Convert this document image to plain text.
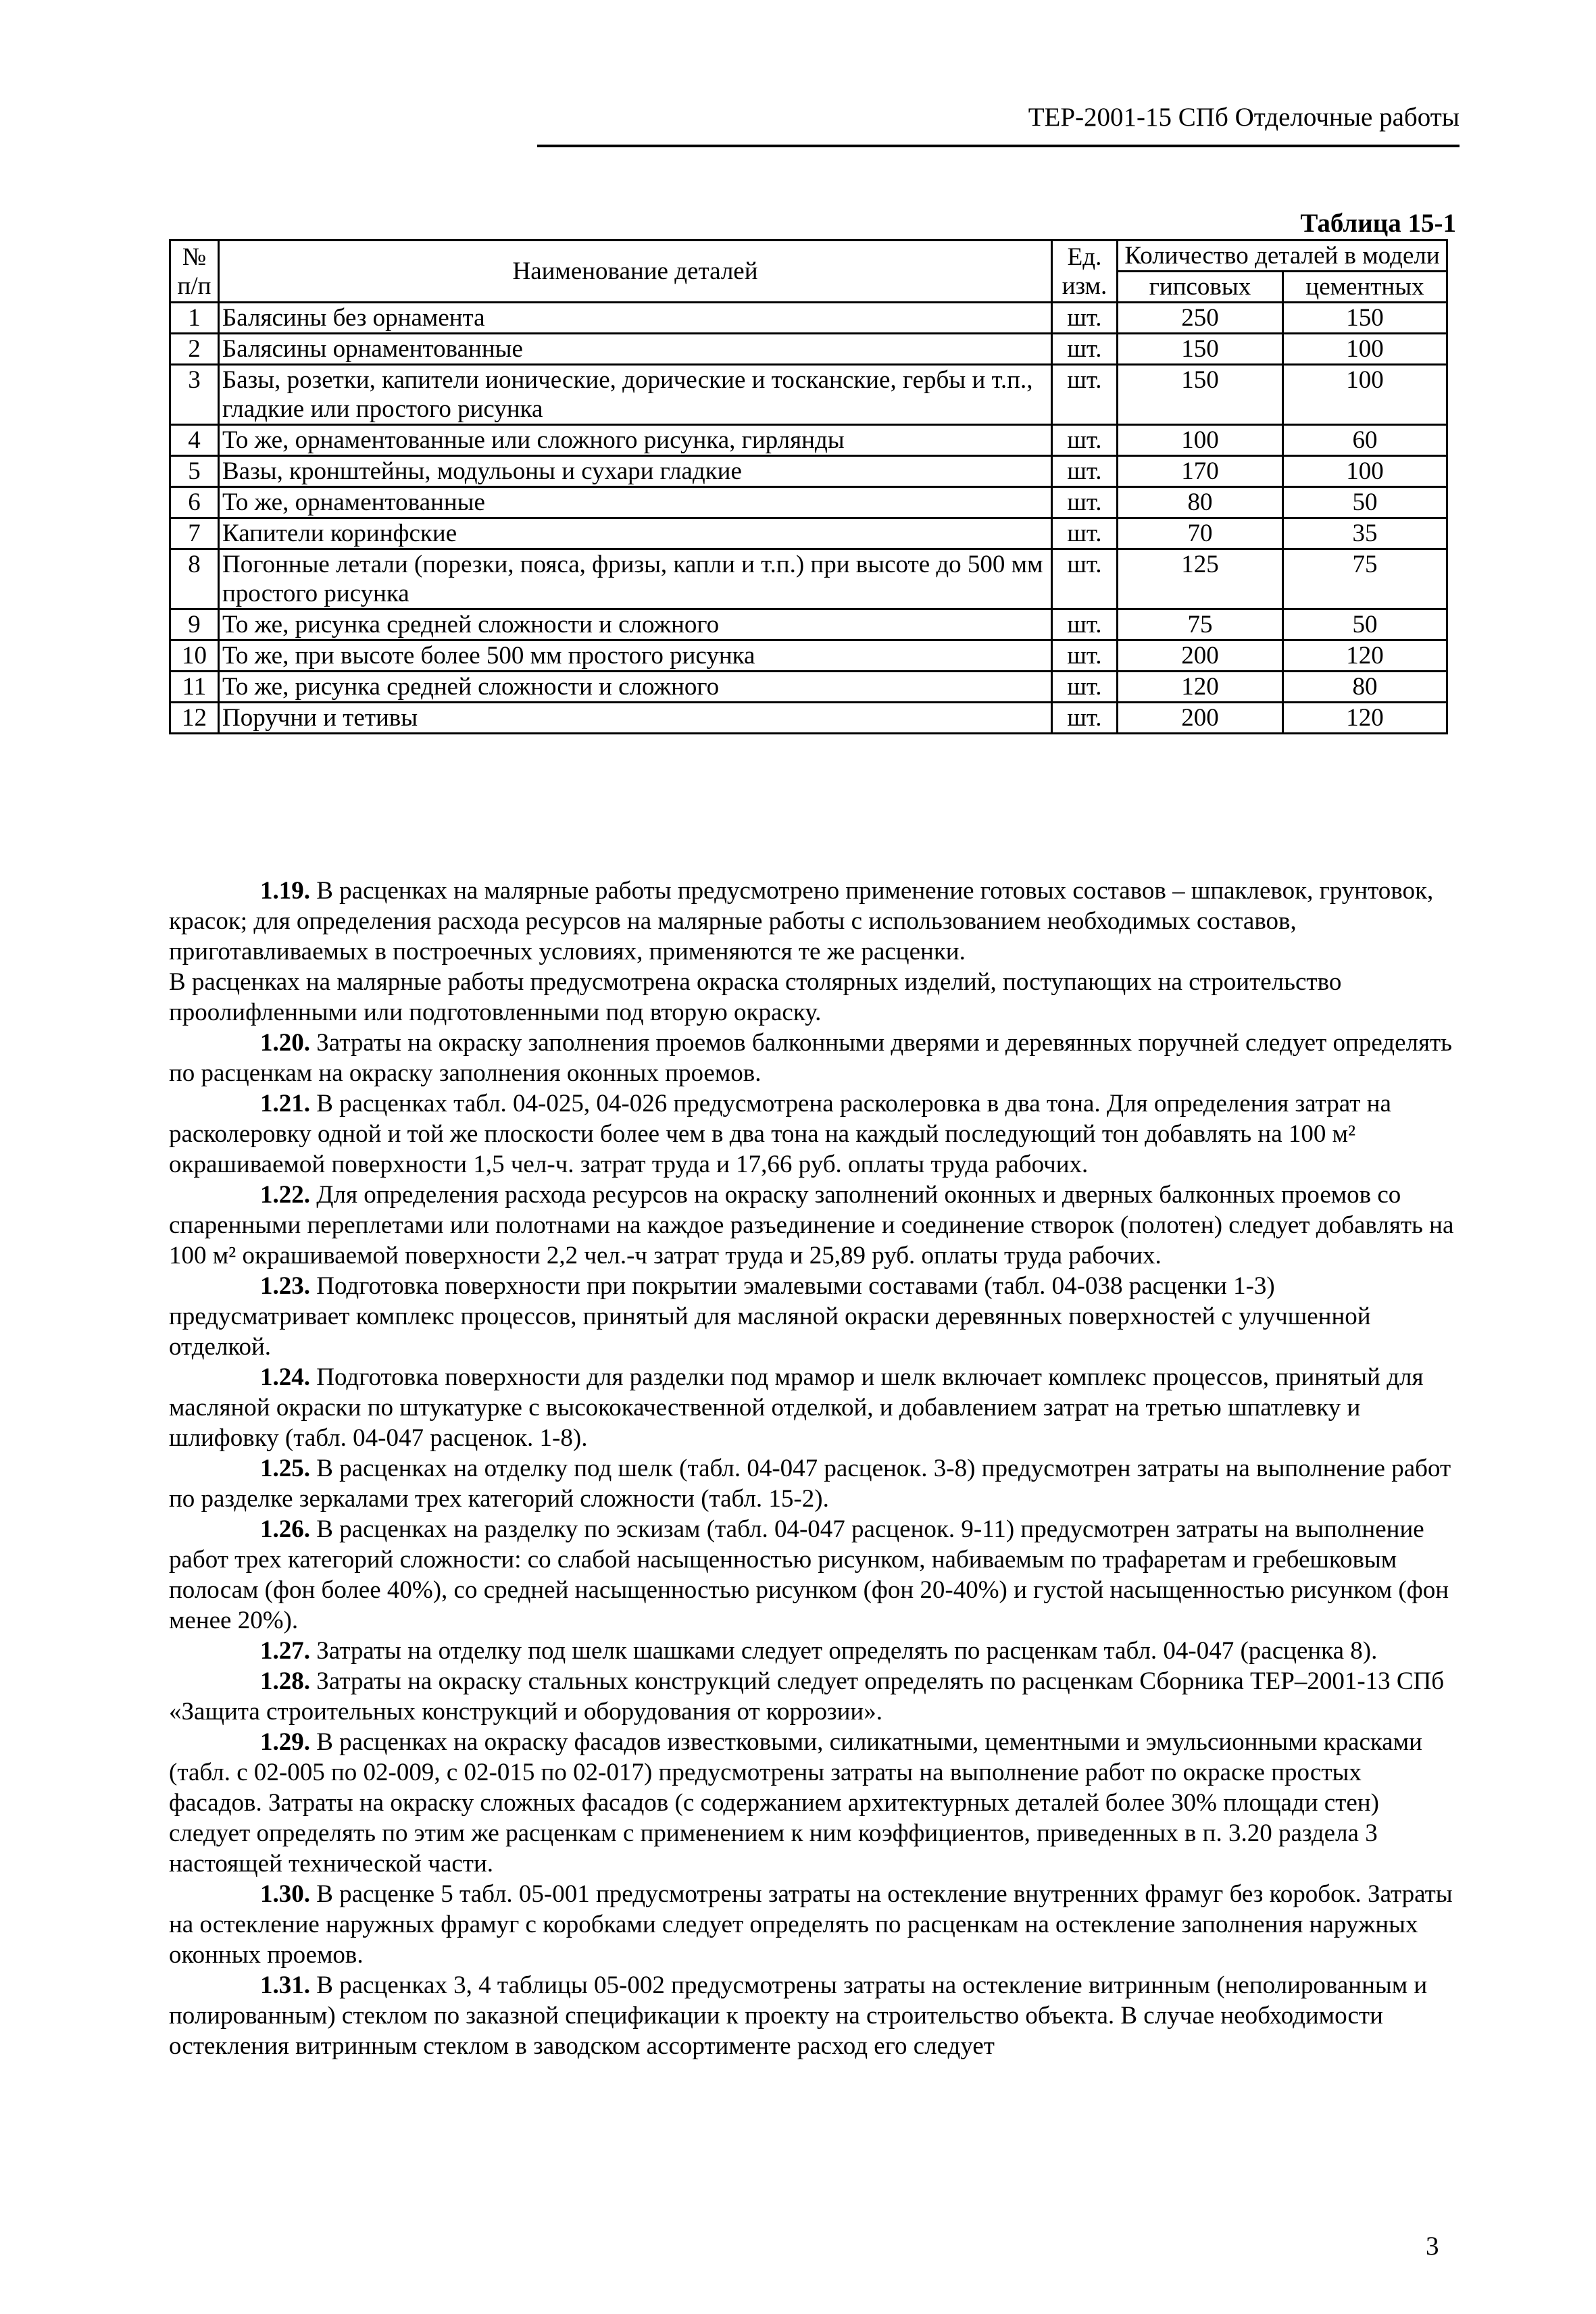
ТЕР-2001-15 СПб Отделочные работы
Таблица 15-1
№ п/п	Наименование деталей	Ед. изм.	Количество деталей в модели	
			гипсовых	цементных
1	Балясины без орнамента	шт.	250	150
2	Балясины орнаментованные	шт.	150	100
3	Базы, розетки, капители ионические, дорические и тосканские, гербы и т.п., гладкие или простого рисунка	шт.	150	100
4	То же, орнаментованные или сложного рисунка, гирлянды	шт.	100	60
5	Вазы, кронштейны, модульоны и сухари гладкие	шт.	170	100
6	То же, орнаментованные	шт.	80	50
7	Капители коринфские	шт.	70	35
8	Погонные летали (порезки, пояса, фризы, капли и т.п.) при высоте до 500 мм простого рисунка	шт.	125	75
9	То же, рисунка средней сложности и сложного	шт.	75	50
10	То же, при высоте более 500 мм простого рисунка	шт.	200	120
11	То же, рисунка средней сложности и сложного	шт.	120	80
12	Поручни и тетивы	шт.	200	120

1.19. В расценках на малярные работы предусмотрено применение готовых составов – шпаклевок, грунтовок, красок; для определения расхода ресурсов на малярные работы с использованием необходимых составов, приготавливаемых в построечных условиях, применяются те же расценки.

В расценках на малярные работы предусмотрена окраска столярных изделий, поступающих на строительство проолифленными или подготовленными под вторую окраску.

1.20. Затраты на окраску заполнения проемов балконными дверями и деревянных поручней следует определять по расценкам на окраску заполнения оконных проемов.

1.21. В расценках табл. 04-025, 04-026 предусмотрена расколеровка в два тона. Для определения затрат на расколеровку одной и той же плоскости более чем в два тона на каждый последующий тон добавлять на 100 м² окрашиваемой поверхности 1,5 чел-ч. затрат труда и 17,66 руб. оплаты труда рабочих.

1.22. Для определения расхода ресурсов на окраску заполнений оконных и дверных балконных проемов со спаренными переплетами или полотнами на каждое разъединение и соединение створок (полотен) следует добавлять на 100 м² окрашиваемой поверхности 2,2 чел.-ч затрат труда и 25,89 руб. оплаты труда рабочих.

1.23. Подготовка поверхности при покрытии эмалевыми составами (табл. 04-038 расценки 1-3) предусматривает комплекс процессов, принятый для масляной окраски деревянных поверхностей с улучшенной отделкой.

1.24. Подготовка поверхности для разделки под мрамор и шелк включает комплекс процессов, принятый для масляной окраски по штукатурке с высококачественной отделкой, и добавлением затрат на третью шпатлевку и шлифовку (табл. 04-047 расценок. 1-8).

1.25. В расценках на отделку под шелк (табл. 04-047 расценок. 3-8) предусмотрен затраты на выполнение работ по разделке зеркалами трех категорий сложности (табл. 15-2).

1.26. В расценках на разделку по эскизам (табл. 04-047 расценок. 9-11) предусмотрен затраты на выполнение работ трех категорий сложности: со слабой насыщенностью рисунком, набиваемым по трафаретам и гребешковым полосам (фон более 40%), со средней насыщенностью рисунком (фон 20-40%) и густой насыщенностью рисунком (фон менее 20%).

1.27. Затраты на отделку под шелк шашками следует определять по расценкам табл. 04-047 (расценка 8).

1.28. Затраты на окраску стальных конструкций следует определять по расценкам Сборника ТЕР–2001-13 СПб «Защита строительных конструкций и оборудования от коррозии».

1.29. В расценках на окраску фасадов известковыми, силикатными, цементными и эмульсионными красками (табл. с 02-005 по 02-009, с 02-015 по 02-017) предусмотрены затраты на выполнение работ по окраске простых фасадов. Затраты на окраску сложных фасадов (с содержанием архитектурных деталей более 30% площади стен) следует определять по этим же расценкам с применением к ним коэффициентов, приведенных в п. 3.20 раздела 3 настоящей технической части.

1.30. В расценке 5 табл. 05-001 предусмотрены затраты на остекление внутренних фрамуг без коробок. Затраты на остекление наружных фрамуг с коробками следует определять по расценкам на остекление заполнения наружных оконных проемов.

1.31. В расценках 3, 4 таблицы 05-002 предусмотрены затраты на остекление витринным (неполированным и полированным) стеклом по заказной спецификации к проекту на строительство объекта. В случае необходимости остекления витринным стеклом в заводском ассортименте расход его следует

3
